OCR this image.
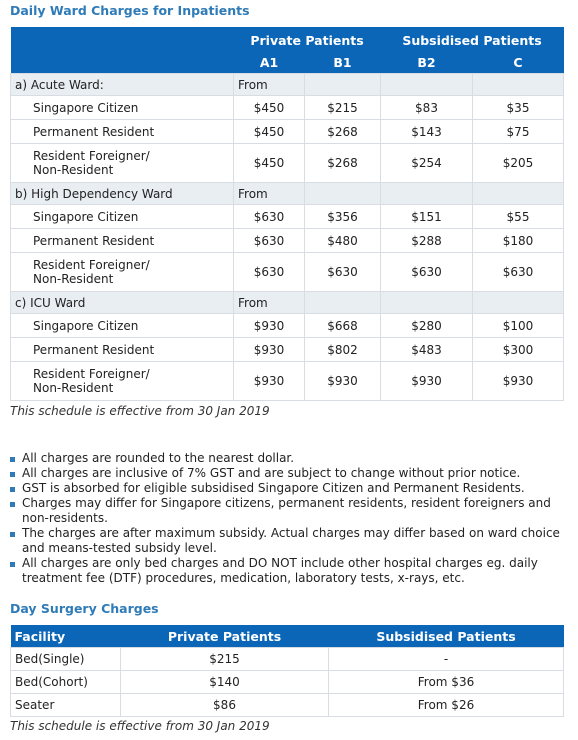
Daily Ward Charges for Inpatients
	Private Patients		Subsidised Patients	
	A1	B1	B2	C
a) Acute Ward:	From			
Singapore Citizen	$450	$215	$83	$35
Permanent Resident	$450	$268	$143	$75
Resident Foreigner/
Non-Resident	$450	$268	$254	$205
b) High Dependency Ward	From			
Singapore Citizen	$630	$356	$151	$55
Permanent Resident	$630	$480	$288	$180
Resident Foreigner/
Non-Resident	$630	$630	$630	$630
c) ICU Ward	From			
Singapore Citizen	$930	$668	$280	$100
Permanent Resident	$930	$802	$483	$300
Resident Foreigner/
Non-Resident	$930	$930	$930	$930
This schedule is effective from 30 Jan 2019
All charges are rounded to the nearest dollar.
All charges are inclusive of 7% GST and are subject to change without prior notice.
GST is absorbed for eligible subsidised Singapore Citizen and Permanent Residents.
Charges may differ for Singapore citizens, permanent residents, resident foreigners and non-residents.
The charges are after maximum subsidy. Actual charges may differ based on ward choice and means-tested subsidy level.
All charges are only bed charges and DO NOT include other hospital charges eg. daily treatment fee (DTF) procedures, medication, laboratory tests, x-rays, etc.
Day Surgery Charges
Facility	Private Patients	Subsidised Patients
Bed(Single)	$215	-
Bed(Cohort)	$140	From $36
Seater	$86	From $26
This schedule is effective from 30 Jan 2019
